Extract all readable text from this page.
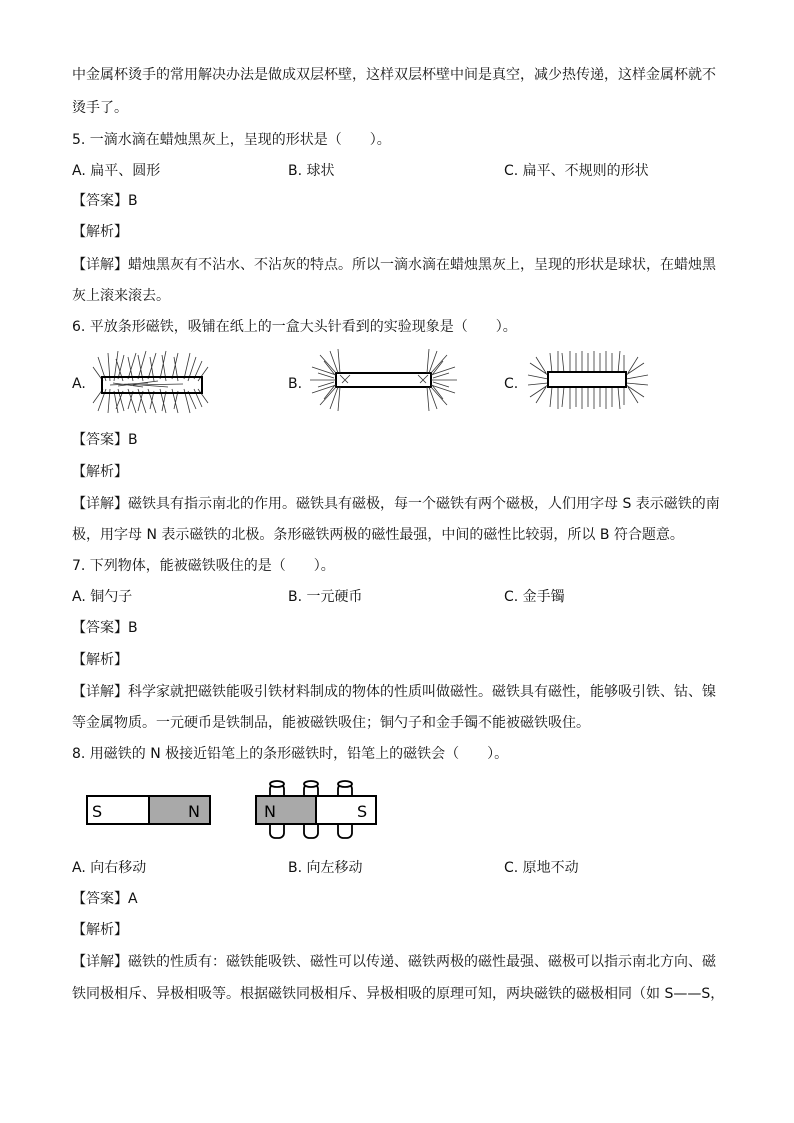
中金属杯烫手的常用解决办法是做成双层杯壁，这样双层杯壁中间是真空，减少热传递，这样金属杯就不
烫手了。
5. 一滴水滴在蜡烛黑灰上，呈现的形状是（　　）。
A. 扁平、圆形	B. 球状	C. 扁平、不规则的形状
【答案】B
【解析】
【详解】蜡烛黑灰有不沾水、不沾灰的特点。所以一滴水滴在蜡烛黑灰上，呈现的形状是球状，在蜡烛黑
灰上滚来滚去。
6. 平放条形磁铁，吸铺在纸上的一盒大头针看到的实验现象是（　　）。
A.	B.	C.
【答案】B
【解析】
【详解】磁铁具有指示南北的作用。磁铁具有磁极，每一个磁铁有两个磁极，人们用字母 S 表示磁铁的南
极，用字母 N 表示磁铁的北极。条形磁铁两极的磁性最强，中间的磁性比较弱，所以 B 符合题意。
7. 下列物体，能被磁铁吸住的是（　　）。
A. 铜勺子	B. 一元硬币	C. 金手镯
【答案】B
【解析】
【详解】科学家就把磁铁能吸引铁材料制成的物体的性质叫做磁性。磁铁具有磁性，能够吸引铁、钴、镍
等金属物质。一元硬币是铁制品，能被磁铁吸住；铜勺子和金手镯不能被磁铁吸住。
8. 用磁铁的 N 极接近铅笔上的条形磁铁时，铅笔上的磁铁会（　　）。
S	N	N	S
A. 向右移动	B. 向左移动	C. 原地不动
【答案】A
【解析】
【详解】磁铁的性质有：磁铁能吸铁、磁性可以传递、磁铁两极的磁性最强、磁极可以指示南北方向、磁
铁同极相斥、异极相吸等。根据磁铁同极相斥、异极相吸的原理可知，两块磁铁的磁极相同（如 S——S，
